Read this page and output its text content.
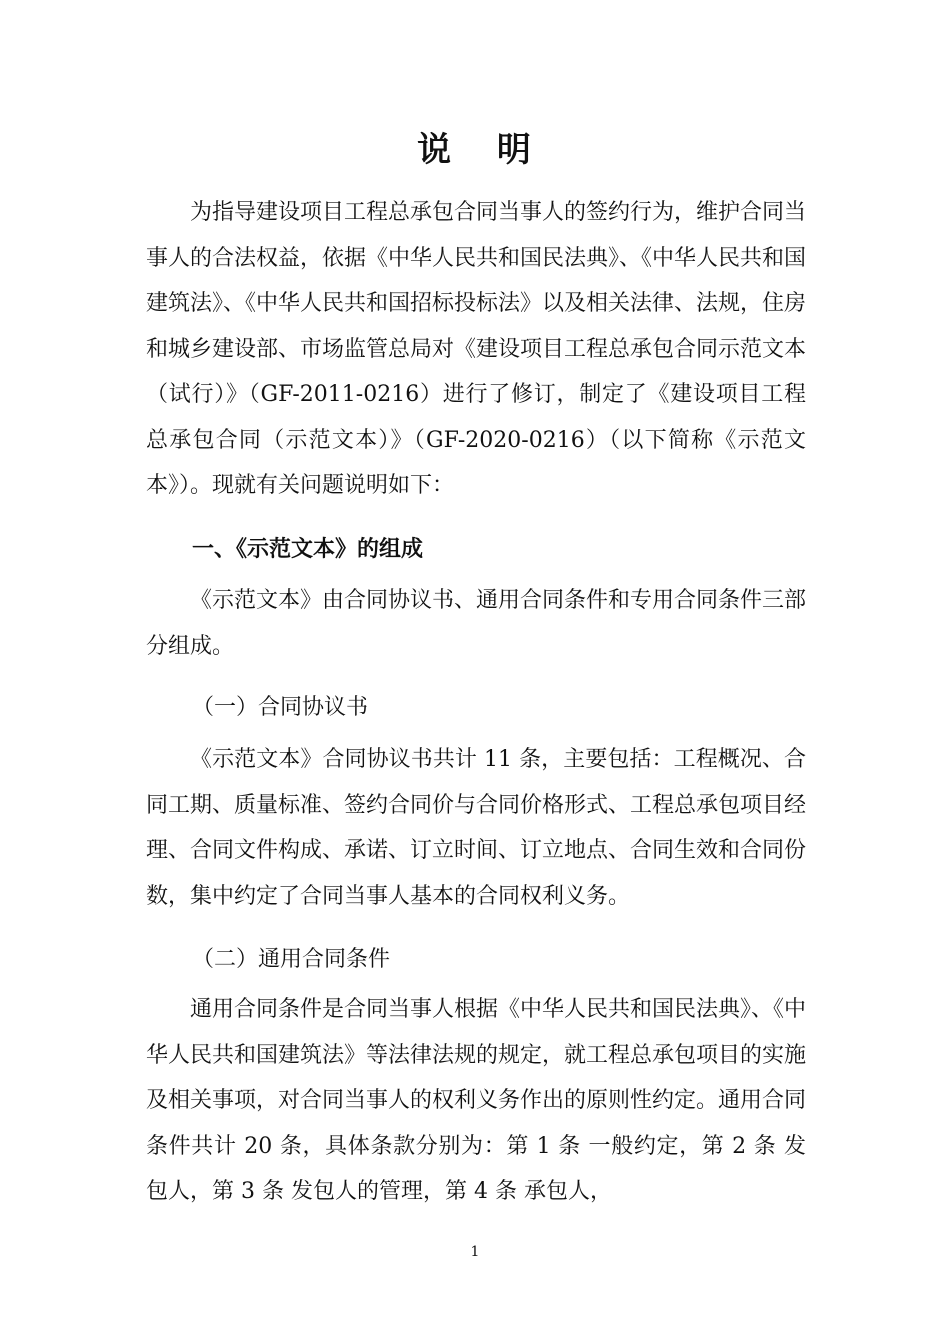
说 明

为指导建设项目工程总承包合同当事人的签约行为，维护合同当事人的合法权益，依据《中华人民共和国民法典》、《中华人民共和国建筑法》、《中华人民共和国招标投标法》以及相关法律、法规，住房和城乡建设部、市场监管总局对《建设项目工程总承包合同示范文本（试行）》（GF-2011-0216）进行了修订，制定了《建设项目工程总承包合同（示范文本）》（GF-2020-0216）（以下简称《示范文本》）。现就有关问题说明如下：

一、《示范文本》的组成

《示范文本》由合同协议书、通用合同条件和专用合同条件三部分组成。

（一）合同协议书

《示范文本》合同协议书共计 11 条，主要包括：工程概况、合同工期、质量标准、签约合同价与合同价格形式、工程总承包项目经理、合同文件构成、承诺、订立时间、订立地点、合同生效和合同份数，集中约定了合同当事人基本的合同权利义务。

（二）通用合同条件

通用合同条件是合同当事人根据《中华人民共和国民法典》、《中华人民共和国建筑法》等法律法规的规定，就工程总承包项目的实施及相关事项，对合同当事人的权利义务作出的原则性约定。通用合同条件共计 20 条，具体条款分别为：第 1 条 一般约定，第 2 条 发包人，第 3 条 发包人的管理，第 4 条 承包人，

1
